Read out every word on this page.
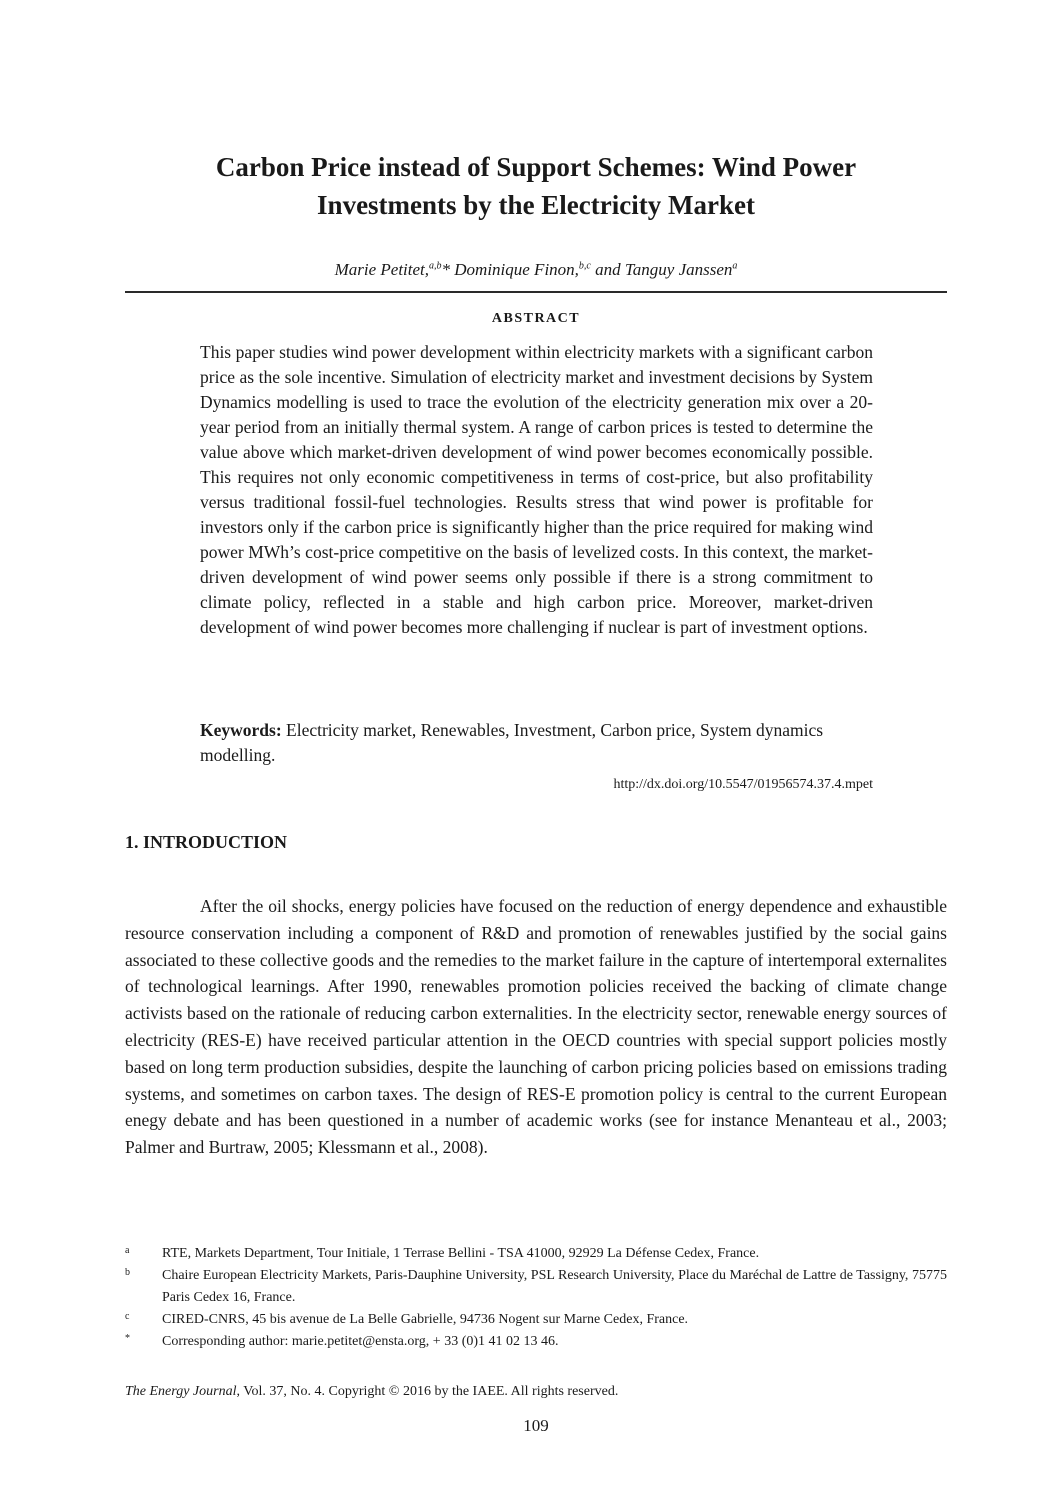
Carbon Price instead of Support Schemes: Wind Power
Investments by the Electricity Market
Marie Petitet,$^{a,b}$* Dominique Finon,$^{b,c}$ and Tanguy Janssen$^a$
ABSTRACT

This paper studies wind power development within electricity markets with a significant carbon price as the sole incentive. Simulation of electricity market and investment decisions by System Dynamics modelling is used to trace the evolution of the electricity generation mix over a 20-year period from an initially thermal system. A range of carbon prices is tested to determine the value above which market-driven development of wind power becomes economically possible. This requires not only economic competitiveness in terms of cost-price, but also profitability versus traditional fossil-fuel technologies. Results stress that wind power is profitable for investors only if the carbon price is significantly higher than the price required for making wind power MWh’s cost-price competitive on the basis of levelized costs. In this context, the market-driven development of wind power seems only possible if there is a strong commitment to climate policy, reflected in a stable and high carbon price. Moreover, market-driven development of wind power becomes more challenging if nuclear is part of investment options.

Keywords: Electricity market, Renewables, Investment, Carbon price, System dynamics modelling.

http://dx.doi.org/10.5547/01956574.37.4.mpet
1. INTRODUCTION

After the oil shocks, energy policies have focused on the reduction of energy dependence and exhaustible resource conservation including a component of R&D and promotion of renewables justified by the social gains associated to these collective goods and the remedies to the market failure in the capture of intertemporal externalites of technological learnings. After 1990, renewables promotion policies received the backing of climate change activists based on the rationale of reducing carbon externalities. In the electricity sector, renewable energy sources of electricity (RES-E) have received particular attention in the OECD countries with special support policies mostly based on long term production subsidies, despite the launching of carbon pricing policies based on emissions trading systems, and sometimes on carbon taxes. The design of RES-E promotion policy is central to the current European enegy debate and has been questioned in a number of academic works (see for instance Menanteau et al., 2003; Palmer and Burtraw, 2005; Klessmann et al., 2008).

a	RTE, Markets Department, Tour Initiale, 1 Terrase Bellini - TSA 41000, 92929 La Défense Cedex, France.
b	Chaire European Electricity Markets, Paris-Dauphine University, PSL Research University, Place du Maréchal de Lattre de Tassigny, 75775 Paris Cedex 16, France.
c	CIRED-CNRS, 45 bis avenue de La Belle Gabrielle, 94736 Nogent sur Marne Cedex, France.
*	Corresponding author: marie.petitet@ensta.org, + 33 (0)1 41 02 13 46.
The Energy Journal, Vol. 37, No. 4. Copyright © 2016 by the IAEE. All rights reserved.
109
